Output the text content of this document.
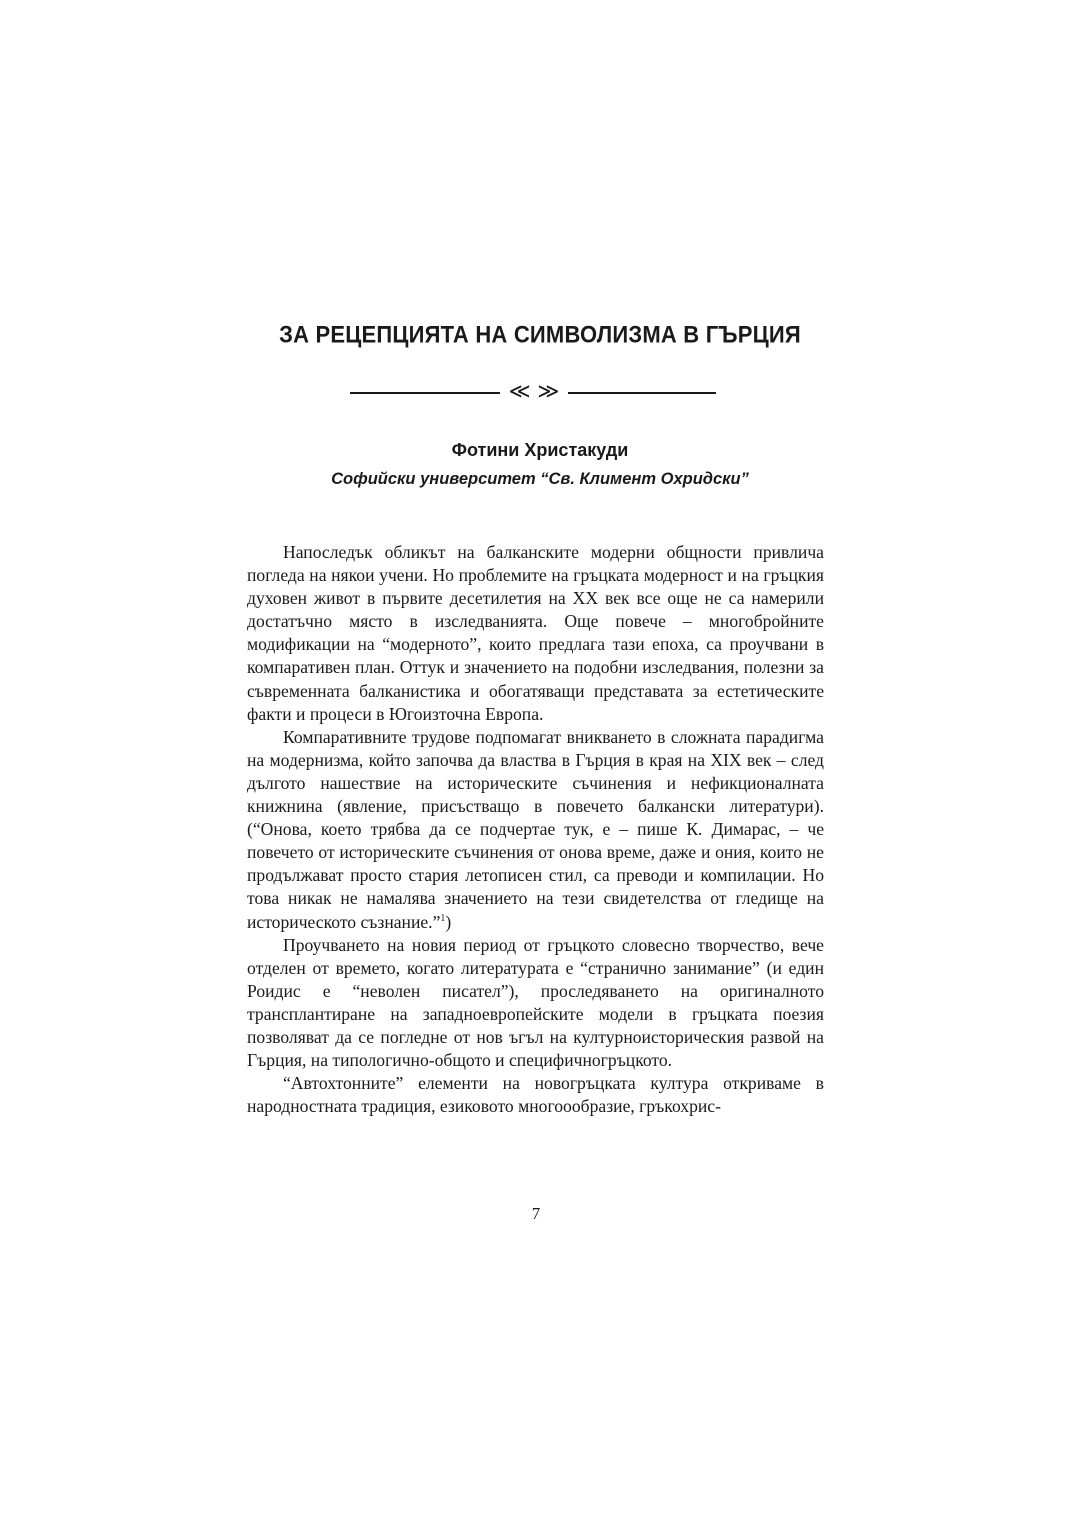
ЗА РЕЦЕПЦИЯТА НА СИМВОЛИЗМА В ГЪРЦИЯ
≪ ≫
Фотини Христакуди
Софийски университет “Св. Климент Охридски”

Напоследък обликът на балканските модерни общности привлича погледа на някои учени. Но проблемите на гръцката модерност и на гръцкия духовен живот в първите десетилетия на XX век все още не са намерили достатъчно място в изследванията. Още повече – многобройните модификации на “модерното”, които предлага тази епоха, са проучвани в компаративен план. Оттук и значението на подобни изследвания, полезни за съвременната балканистика и обогатяващи представата за естетическите факти и процеси в Югоизточна Европа.

Компаративните трудове подпомагат вникването в сложната парадигма на модернизма, който започва да властва в Гърция в края на XIX век – след дългото нашествие на историческите съчинения и нефикционалната книжнина (явление, присъстващо в повечето балкански литератури). (“Онова, което трябва да се подчертае тук, е – пише К. Димарас, – че повечето от историческите съчинения от онова време, даже и ония, които не продължават просто стария летописен стил, са преводи и компилации. Но това никак не намалява значението на тези свидетелства от гледище на историческото съзнание.”$^1$)

Проучването на новия период от гръцкото словесно творчество, вече отделен от времето, когато литературата е “странично занимание” (и един Роидис е “неволен писател”), проследяването на оригиналното трансплантиране на западноевропейските модели в гръцката поезия позволяват да се погледне от нов ъгъл на културноисторическия развой на Гърция, на типологично-общото и специфичногръцкото.

“Автохтонните” елементи на новогръцката култура откриваме в народностната традиция, езиковото многоообразие, гръкохрис-

7
